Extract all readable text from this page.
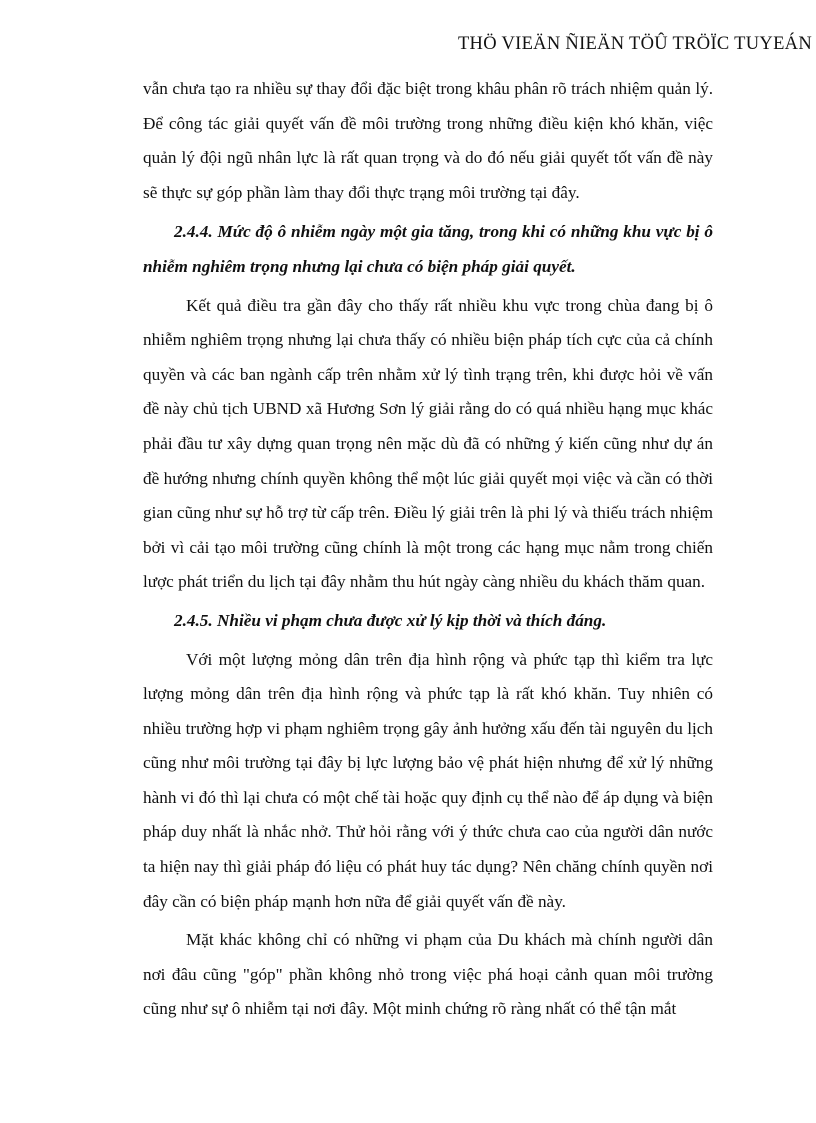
THÖ VIEÄN ÑIEÄN TÖÛ TRÖÏC TUYEÁN

vẫn chưa tạo ra nhiều sự thay đổi đặc biệt trong khâu phân rõ trách nhiệm quản lý. Để công tác giải quyết vấn đề môi trường trong những điều kiện khó khăn, việc quản lý đội ngũ nhân lực là rất quan trọng và do đó nếu giải quyết tốt vấn đề này sẽ thực sự góp phần làm thay đổi thực trạng môi trường tại đây.

2.4.4. Mức độ ô nhiễm ngày một gia tăng, trong khi có những khu vực bị ô nhiễm nghiêm trọng nhưng lại chưa có biện pháp giải quyết.

Kết quả điều tra gần đây cho thấy rất nhiều khu vực trong chùa đang bị ô nhiễm nghiêm trọng nhưng lại chưa thấy có nhiều biện pháp tích cực của cả chính quyền và các ban ngành cấp trên nhằm xử lý tình trạng trên, khi được hỏi về vấn đề này chủ tịch UBND xã Hương Sơn lý giải rằng do có quá nhiều hạng mục khác phải đầu tư xây dựng quan trọng nên mặc dù đã có những ý kiến cũng như dự án đề hướng nhưng chính quyền không thể một lúc giải quyết mọi việc và cần có thời gian cũng như sự hỗ trợ từ cấp trên. Điều lý giải trên là phi lý và thiếu trách nhiệm bởi vì cải tạo môi trường cũng chính là một trong các hạng mục nằm trong chiến lược phát triển du lịch tại đây nhằm thu hút ngày càng nhiều du khách thăm quan.

2.4.5. Nhiều vi phạm chưa được xử lý kịp thời và thích đáng.

Với một lượng mỏng dân trên địa hình rộng và phức tạp thì kiểm tra lực lượng mỏng dân trên địa hình rộng và phức tạp là rất khó khăn. Tuy nhiên có nhiều trường hợp vi phạm nghiêm trọng gây ảnh hưởng xấu đến tài nguyên du lịch cũng như môi trường tại đây bị lực lượng bảo vệ phát hiện nhưng để xử lý những hành vi đó thì lại chưa có một chế tài hoặc quy định cụ thể nào để áp dụng và biện pháp duy nhất là nhắc nhở. Thử hỏi rằng với ý thức chưa cao của người dân nước ta hiện nay thì giải pháp đó liệu có phát huy tác dụng? Nên chăng chính quyền nơi đây cần có biện pháp mạnh hơn nữa để giải quyết vấn đề này.

Mặt khác không chỉ có những vi phạm của Du khách mà chính người dân nơi đâu cũng "góp" phần không nhỏ trong việc phá hoại cảnh quan môi trường cũng như sự ô nhiễm tại nơi đây. Một minh chứng rõ ràng nhất có thể tận mắt
